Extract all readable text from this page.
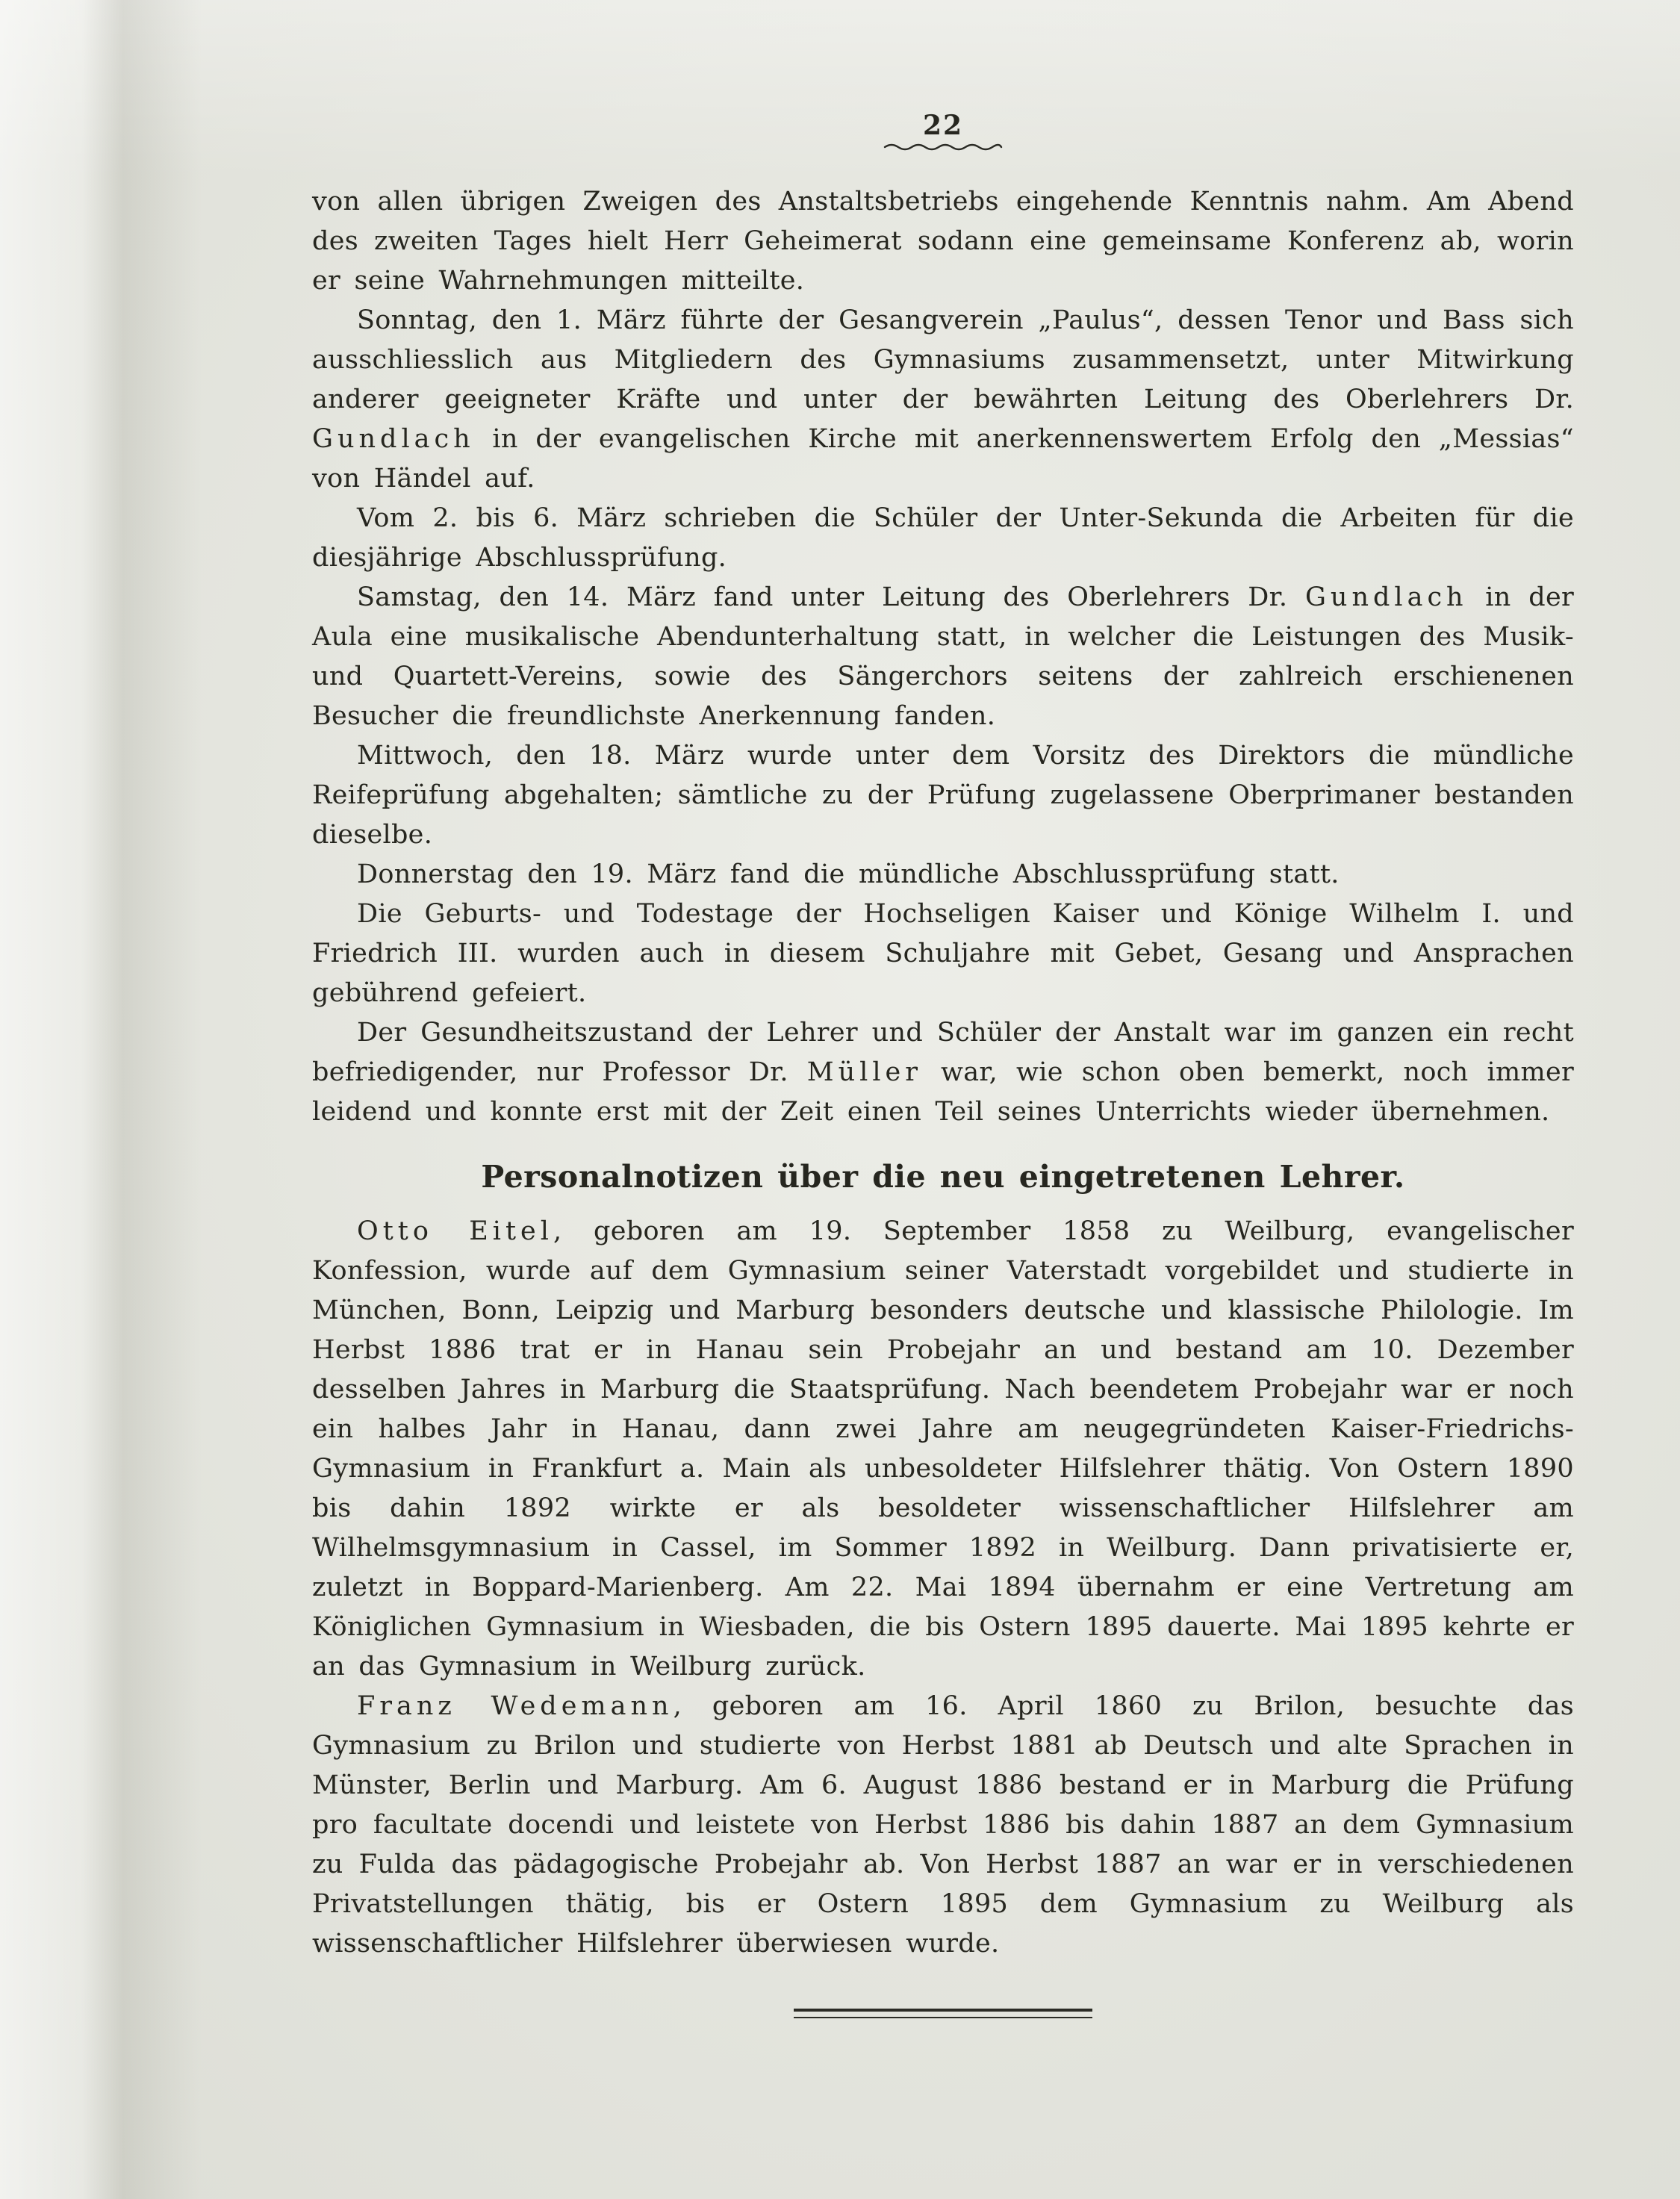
22

von allen übrigen Zweigen des Anstaltsbetriebs eingehende Kenntnis nahm. Am Abend des zweiten Tages hielt Herr Geheimerat sodann eine gemeinsame Konferenz ab, worin er seine Wahrnehmungen mitteilte.

Sonntag, den 1. März führte der Gesangverein „Paulus“, dessen Tenor und Bass sich ausschliesslich aus Mitgliedern des Gymnasiums zusammensetzt, unter Mitwirkung anderer geeigneter Kräfte und unter der bewährten Leitung des Oberlehrers Dr. Gundlach in der evangelischen Kirche mit anerkennenswertem Erfolg den „Messias“ von Händel auf.

Vom 2. bis 6. März schrieben die Schüler der Unter-Sekunda die Arbeiten für die diesjährige Abschlussprüfung.

Samstag, den 14. März fand unter Leitung des Oberlehrers Dr. Gundlach in der Aula eine musikalische Abendunterhaltung statt, in welcher die Leistungen des Musik- und Quartett-Vereins, sowie des Sängerchors seitens der zahlreich erschienenen Besucher die freundlichste Anerkennung fanden.

Mittwoch, den 18. März wurde unter dem Vorsitz des Direktors die mündliche Reifeprüfung abgehalten; sämtliche zu der Prüfung zugelassene Oberprimaner bestanden dieselbe.

Donnerstag den 19. März fand die mündliche Abschlussprüfung statt.

Die Geburts- und Todestage der Hochseligen Kaiser und Könige Wilhelm I. und Friedrich III. wurden auch in diesem Schuljahre mit Gebet, Gesang und Ansprachen gebührend gefeiert.

Der Gesundheitszustand der Lehrer und Schüler der Anstalt war im ganzen ein recht befriedigender, nur Professor Dr. Müller war, wie schon oben bemerkt, noch immer leidend und konnte erst mit der Zeit einen Teil seines Unterrichts wieder übernehmen.

Personalnotizen über die neu eingetretenen Lehrer.

Otto Eitel, geboren am 19. September 1858 zu Weilburg, evangelischer Konfession, wurde auf dem Gymnasium seiner Vaterstadt vorgebildet und studierte in München, Bonn, Leipzig und Marburg besonders deutsche und klassische Philologie. Im Herbst 1886 trat er in Hanau sein Probejahr an und bestand am 10. Dezember desselben Jahres in Marburg die Staatsprüfung. Nach beendetem Probejahr war er noch ein halbes Jahr in Hanau, dann zwei Jahre am neugegründeten Kaiser-Friedrichs-Gymnasium in Frankfurt a. Main als unbesoldeter Hilfslehrer thätig. Von Ostern 1890 bis dahin 1892 wirkte er als besoldeter wissenschaftlicher Hilfslehrer am Wilhelmsgymnasium in Cassel, im Sommer 1892 in Weilburg. Dann privatisierte er, zuletzt in Boppard-Marienberg. Am 22. Mai 1894 übernahm er eine Vertretung am Königlichen Gymnasium in Wiesbaden, die bis Ostern 1895 dauerte. Mai 1895 kehrte er an das Gymnasium in Weilburg zurück.

Franz Wedemann, geboren am 16. April 1860 zu Brilon, besuchte das Gymnasium zu Brilon und studierte von Herbst 1881 ab Deutsch und alte Sprachen in Münster, Berlin und Marburg. Am 6. August 1886 bestand er in Marburg die Prüfung pro facultate docendi und leistete von Herbst 1886 bis dahin 1887 an dem Gymnasium zu Fulda das pädagogische Probejahr ab. Von Herbst 1887 an war er in verschiedenen Privatstellungen thätig, bis er Ostern 1895 dem Gymnasium zu Weilburg als wissenschaftlicher Hilfslehrer überwiesen wurde.
